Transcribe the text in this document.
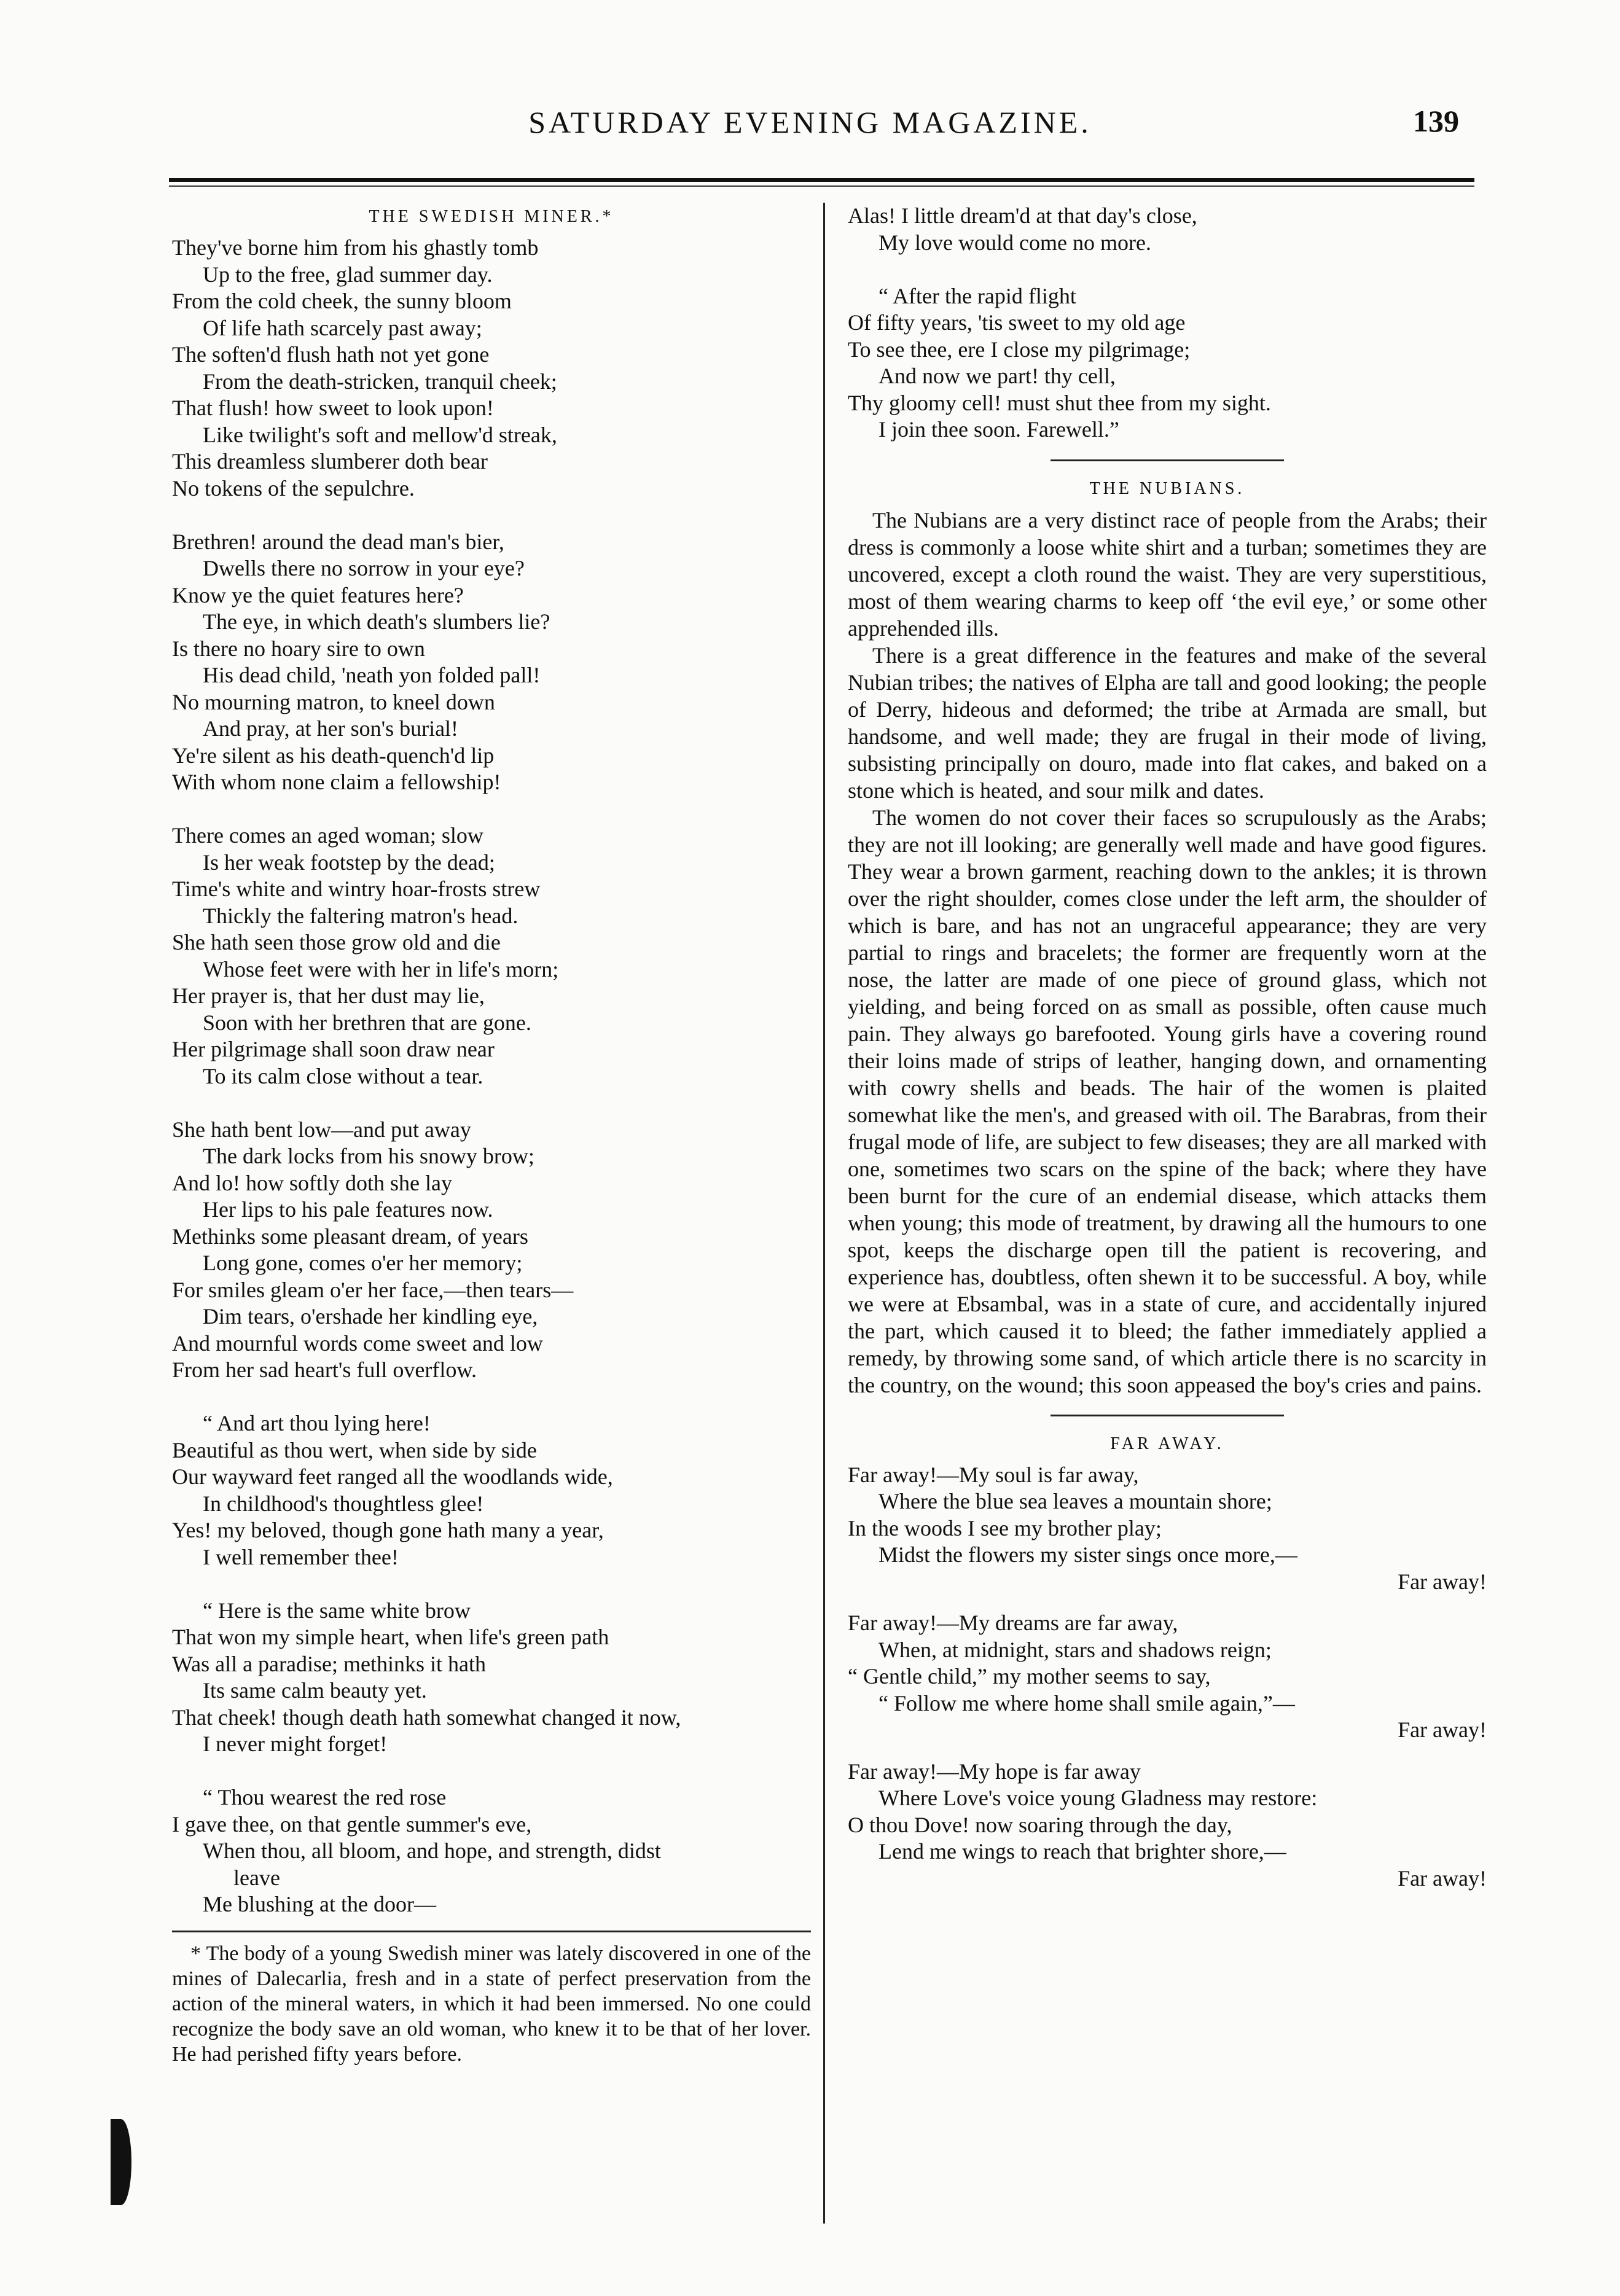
SATURDAY EVENING MAGAZINE.	139
THE SWEDISH MINER.*
They've borne him from his ghastly tomb
Up to the free, glad summer day.
From the cold cheek, the sunny bloom
Of life hath scarcely past away;
The soften'd flush hath not yet gone
From the death-stricken, tranquil cheek;
That flush! how sweet to look upon!
Like twilight's soft and mellow'd streak,
This dreamless slumberer doth bear
No tokens of the sepulchre.
Brethren! around the dead man's bier,
Dwells there no sorrow in your eye?
Know ye the quiet features here?
The eye, in which death's slumbers lie?
Is there no hoary sire to own
His dead child, 'neath yon folded pall!
No mourning matron, to kneel down
And pray, at her son's burial!
Ye're silent as his death-quench'd lip
With whom none claim a fellowship!
There comes an aged woman; slow
Is her weak footstep by the dead;
Time's white and wintry hoar-frosts strew
Thickly the faltering matron's head.
She hath seen those grow old and die
Whose feet were with her in life's morn;
Her prayer is, that her dust may lie,
Soon with her brethren that are gone.
Her pilgrimage shall soon draw near
To its calm close without a tear.
She hath bent low—and put away
The dark locks from his snowy brow;
And lo! how softly doth she lay
Her lips to his pale features now.
Methinks some pleasant dream, of years
Long gone, comes o'er her memory;
For smiles gleam o'er her face,—then tears—
Dim tears, o'ershade her kindling eye,
And mournful words come sweet and low
From her sad heart's full overflow.
“ And art thou lying here!
Beautiful as thou wert, when side by side
Our wayward feet ranged all the woodlands wide,
In childhood's thoughtless glee!
Yes! my beloved, though gone hath many a year,
I well remember thee!
“ Here is the same white brow
That won my simple heart, when life's green path
Was all a paradise; methinks it hath
Its same calm beauty yet.
That cheek! though death hath somewhat changed it now,
I never might forget!
“ Thou wearest the red rose
I gave thee, on that gentle summer's eve,
When thou, all bloom, and hope, and strength, didst
leave
Me blushing at the door—
* The body of a young Swedish miner was lately discovered in one of the mines of Dalecarlia, fresh and in a state of perfect preservation from the action of the mineral waters, in which it had been immersed. No one could recognize the body save an old woman, who knew it to be that of her lover. He had perished fifty years before.
Alas! I little dream'd at that day's close,
My love would come no more.
“ After the rapid flight
Of fifty years, 'tis sweet to my old age
To see thee, ere I close my pilgrimage;
And now we part! thy cell,
Thy gloomy cell! must shut thee from my sight.
I join thee soon. Farewell.”
THE NUBIANS.

The Nubians are a very distinct race of people from the Arabs; their dress is commonly a loose white shirt and a turban; sometimes they are uncovered, except a cloth round the waist. They are very superstitious, most of them wearing charms to keep off ‘the evil eye,’ or some other apprehended ills.

There is a great difference in the features and make of the several Nubian tribes; the natives of Elpha are tall and good looking; the people of Derry, hideous and deformed; the tribe at Armada are small, but handsome, and well made; they are frugal in their mode of living, subsisting principally on douro, made into flat cakes, and baked on a stone which is heated, and sour milk and dates.

The women do not cover their faces so scrupulously as the Arabs; they are not ill looking; are generally well made and have good figures. They wear a brown garment, reaching down to the ankles; it is thrown over the right shoulder, comes close under the left arm, the shoulder of which is bare, and has not an ungraceful appearance; they are very partial to rings and bracelets; the former are frequently worn at the nose, the latter are made of one piece of ground glass, which not yielding, and being forced on as small as possible, often cause much pain. They always go barefooted. Young girls have a covering round their loins made of strips of leather, hanging down, and ornamenting with cowry shells and beads. The hair of the women is plaited somewhat like the men's, and greased with oil. The Barabras, from their frugal mode of life, are subject to few diseases; they are all marked with one, sometimes two scars on the spine of the back; where they have been burnt for the cure of an endemial disease, which attacks them when young; this mode of treatment, by drawing all the humours to one spot, keeps the discharge open till the patient is recovering, and experience has, doubtless, often shewn it to be successful. A boy, while we were at Ebsambal, was in a state of cure, and accidentally injured the part, which caused it to bleed; the father immediately applied a remedy, by throwing some sand, of which article there is no scarcity in the country, on the wound; this soon appeased the boy's cries and pains.

FAR AWAY.
Far away!—My soul is far away,
Where the blue sea leaves a mountain shore;
In the woods I see my brother play;
Midst the flowers my sister sings once more,—
Far away!
Far away!—My dreams are far away,
When, at midnight, stars and shadows reign;
“ Gentle child,” my mother seems to say,
“ Follow me where home shall smile again,”—
Far away!
Far away!—My hope is far away
Where Love's voice young Gladness may restore:
O thou Dove! now soaring through the day,
Lend me wings to reach that brighter shore,—
Far away!
